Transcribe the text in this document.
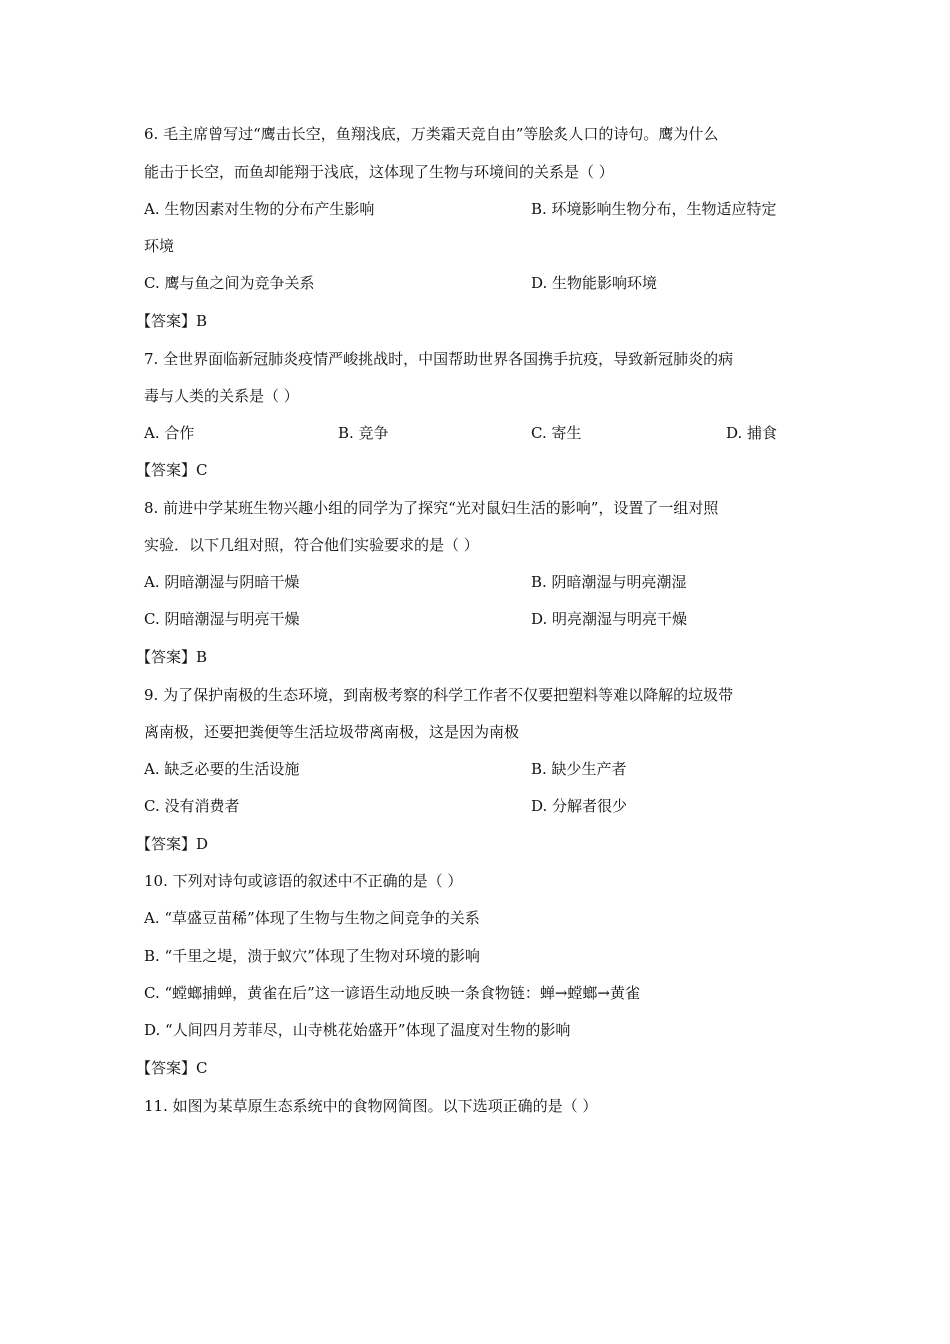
6. 毛主席曾写过“鹰击长空，鱼翔浅底，万类霜天竞自由”等脍炙人口的诗句。鹰为什么
能击于长空，而鱼却能翔于浅底，这体现了生物与环境间的关系是（ ）
A. 生物因素对生物的分布产生影响	B. 环境影响生物分布，生物适应特定
环境
C. 鹰与鱼之间为竞争关系	D. 生物能影响环境
【答案】B
7. 全世界面临新冠肺炎疫情严峻挑战时，中国帮助世界各国携手抗疫，导致新冠肺炎的病
毒与人类的关系是（ ）
A. 合作	B. 竞争	C. 寄生	D. 捕食
【答案】C
8. 前进中学某班生物兴趣小组的同学为了探究“光对鼠妇生活的影响”，设置了一组对照
实验．以下几组对照，符合他们实验要求的是（ ）
A. 阴暗潮湿与阴暗干燥	B. 阴暗潮湿与明亮潮湿
C. 阴暗潮湿与明亮干燥	D. 明亮潮湿与明亮干燥
【答案】B
9. 为了保护南极的生态环境，到南极考察的科学工作者不仅要把塑料等难以降解的垃圾带
离南极，还要把粪便等生活垃圾带离南极，这是因为南极
A. 缺乏必要的生活设施	B. 缺少生产者
C. 没有消费者	D. 分解者很少
【答案】D
10. 下列对诗句或谚语的叙述中不正确的是（ ）
A. “草盛豆苗稀”体现了生物与生物之间竞争的关系
B. “千里之堤，溃于蚁穴”体现了生物对环境的影响
C. “螳螂捕蝉，黄雀在后”这一谚语生动地反映一条食物链：蝉→螳螂→黄雀
D. “人间四月芳菲尽，山寺桃花始盛开”体现了温度对生物的影响
【答案】C
11. 如图为某草原生态系统中的食物网简图。以下选项正确的是（ ）
